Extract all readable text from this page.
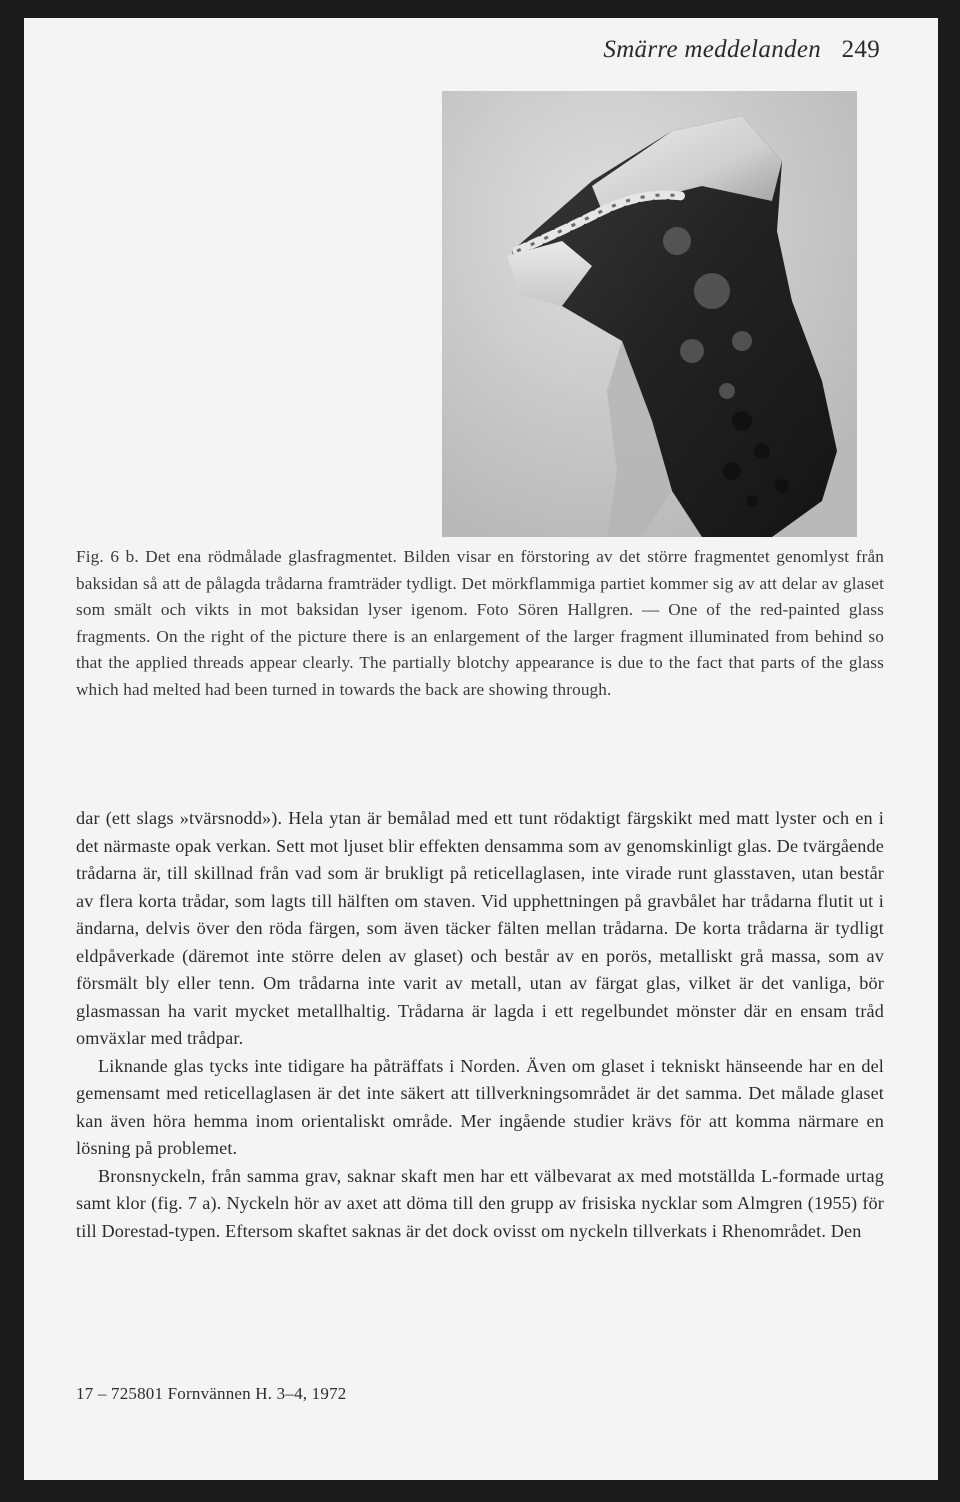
Smärre meddelanden 249
Fig. 6 b. Det ena rödmålade glasfragmentet. Bilden visar en förstoring av det större fragmentet genomlyst från baksidan så att de pålagda trådarna framträder tydligt. Det mörkflammiga partiet kommer sig av att delar av glaset som smält och vikts in mot baksidan lyser igenom. Foto Sören Hallgren. — One of the red-painted glass fragments. On the right of the picture there is an enlargement of the larger fragment illuminated from behind so that the applied threads appear clearly. The partially blotchy appearance is due to the fact that parts of the glass which had melted had been turned in towards the back are showing through.

dar (ett slags »tvärsnodd»). Hela ytan är bemålad med ett tunt rödaktigt färgskikt med matt lyster och en i det närmaste opak verkan. Sett mot ljuset blir effekten densamma som av genomskinligt glas. De tvärgående trådarna är, till skillnad från vad som är brukligt på reticellaglasen, inte virade runt glasstaven, utan består av flera korta trådar, som lagts till hälften om staven. Vid upphettningen på gravbålet har trådarna flutit ut i ändarna, delvis över den röda färgen, som även täcker fälten mellan trådarna. De korta trådarna är tydligt eldpåverkade (däremot inte större delen av glaset) och består av en porös, metalliskt grå massa, som av försmält bly eller tenn. Om trådarna inte varit av metall, utan av färgat glas, vilket är det vanliga, bör glasmassan ha varit mycket metallhaltig. Trådarna är lagda i ett regelbundet mönster där en ensam tråd omväxlar med trådpar.

Liknande glas tycks inte tidigare ha påträffats i Norden. Även om glaset i tekniskt hänseende har en del gemensamt med reticellaglasen är det inte säkert att tillverkningsområdet är det samma. Det målade glaset kan även höra hemma inom orientaliskt område. Mer ingående studier krävs för att komma närmare en lösning på problemet.

Bronsnyckeln, från samma grav, saknar skaft men har ett välbevarat ax med motställda L-formade urtag samt klor (fig. 7 a). Nyckeln hör av axet att döma till den grupp av frisiska nycklar som Almgren (1955) för till Dorestad-typen. Eftersom skaftet saknas är det dock ovisst om nyckeln tillverkats i Rhenområdet. Den

17 – 725801 Fornvännen H. 3–4, 1972
